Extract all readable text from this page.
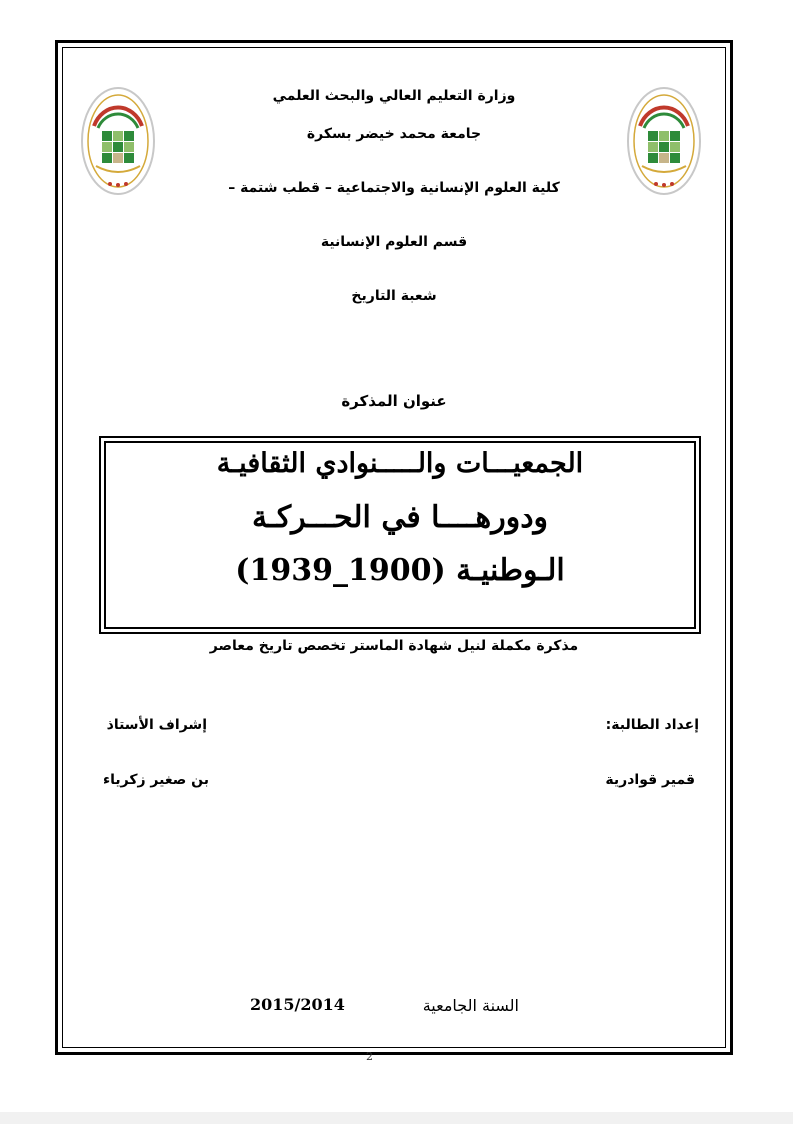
وزارة التعليم العالي والبحث العلمي
جامعة محمد خيضر بسكرة
كلية العلوم الإنسانية والاجتماعية – قطب شتمة –
قسم العلوم الإنسانية
شعبة التاريخ
عنوان المذكرة
الجمعيـــات والـــــنوادي الثقافيـة
ودورهــــا في الحـــركـة
الـوطنيـة (1900_1939)
مذكرة مكملة لنيل شهادة الماستر تخصص تاريخ معاصر
إعداد الطالبة:
إشراف الأستاذ
قمير قوادرية
بن صغير زكرياء
السنة الجامعية
2015/2014
2
